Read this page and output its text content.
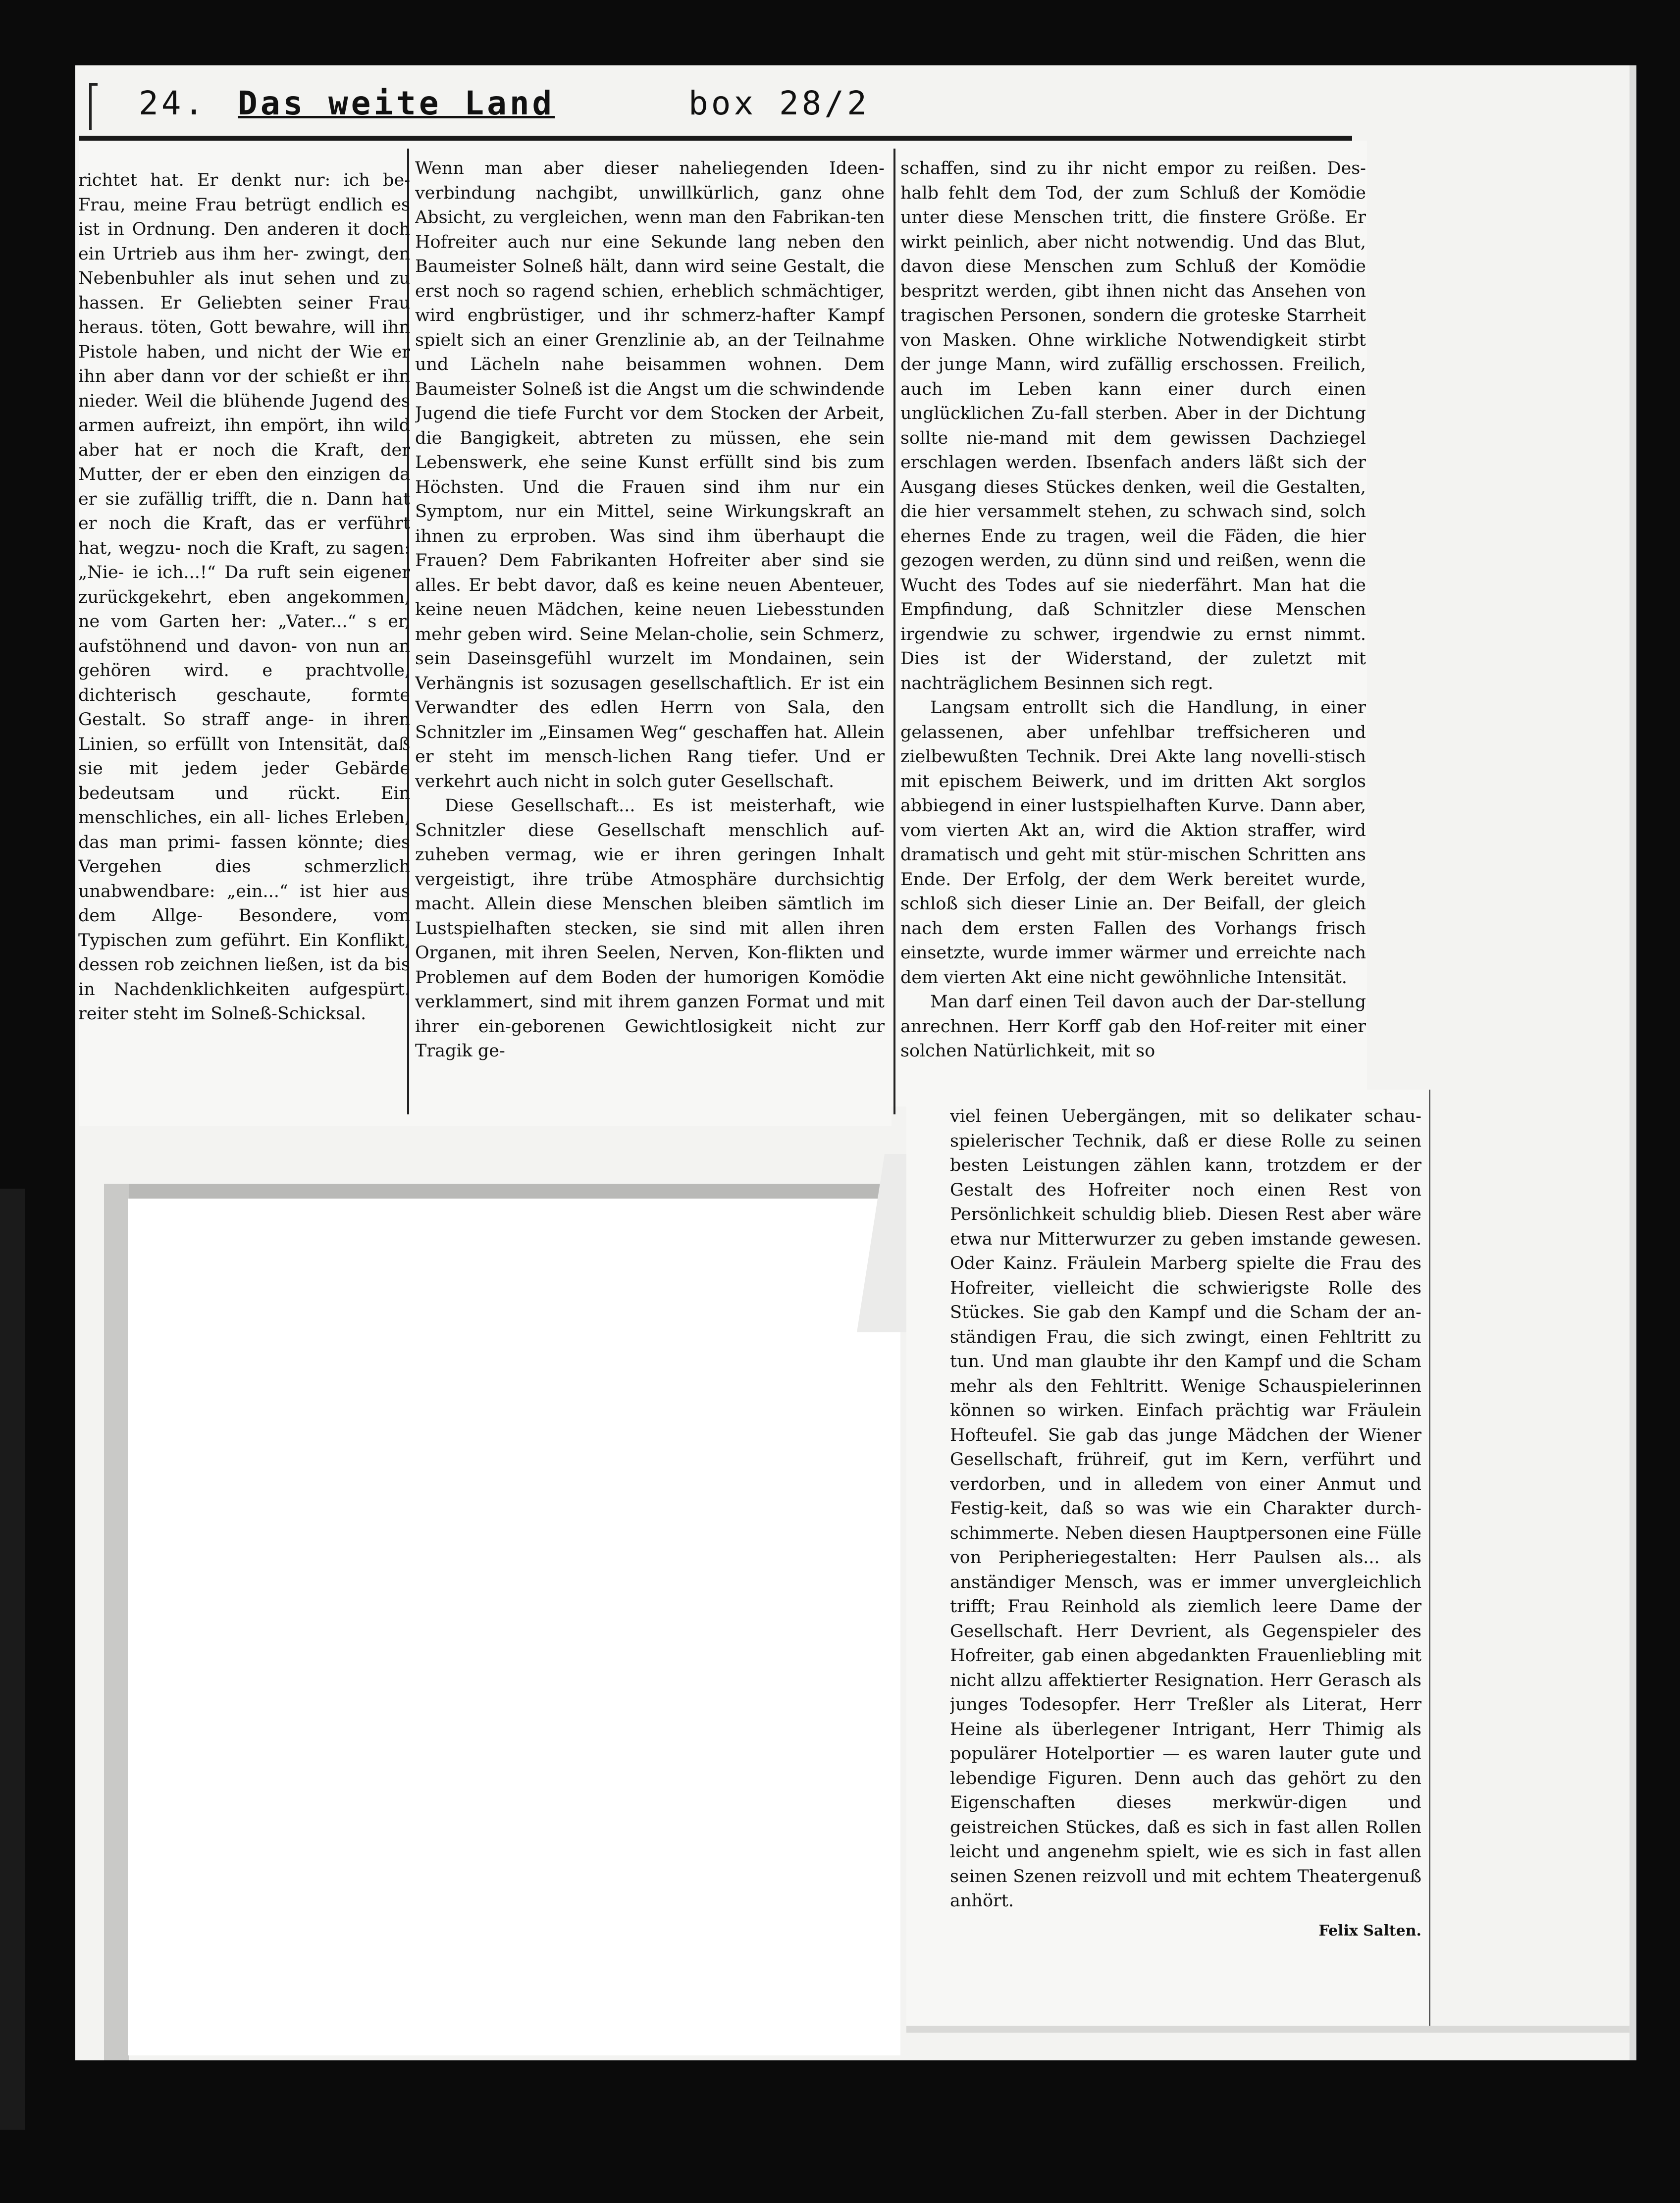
24. Das weite Land	box 28/2

richtet hat. Er denkt nur: ich be- Frau, meine Frau betrügt endlich es ist in Ordnung. Den anderen it doch ein Urtrieb aus ihm her- zwingt, den Nebenbuhler als inut sehen und zu hassen. Er Geliebten seiner Frau heraus. töten, Gott bewahre, will ihn Pistole haben, und nicht der Wie er ihn aber dann vor der schießt er ihn nieder. Weil die blühende Jugend des armen aufreizt, ihn empört, ihn wild aber hat er noch die Kraft, der Mutter, der er eben den einzigen da er sie zufällig trifft, die n. Dann hat er noch die Kraft, das er verführt hat, wegzu- noch die Kraft, zu sagen: „Nie- ie ich...!“ Da ruft sein eigener zurückgekehrt, eben angekommen, ne vom Garten her: „Vater...“ s er, aufstöhnend und davon- von nun an gehören wird. e prachtvolle, dichterisch geschaute, formte Gestalt. So straff ange- in ihren Linien, so erfüllt von Intensität, daß sie mit jedem jeder Gebärde bedeutsam und rückt. Ein menschliches, ein all- liches Erleben, das man primi- fassen könnte; dies Vergehen dies schmerzlich unabwendbare: „ein...“ ist hier aus dem Allge- Besondere, vom Typischen zum geführt. Ein Konflikt, dessen rob zeichnen ließen, ist da bis in Nachdenklichkeiten aufgespürt. reiter steht im Solneß-Schicksal.

Wenn man aber dieser naheliegenden Ideen-verbindung nachgibt, unwillkürlich, ganz ohne Absicht, zu vergleichen, wenn man den Fabrikan-ten Hofreiter auch nur eine Sekunde lang neben den Baumeister Solneß hält, dann wird seine Gestalt, die erst noch so ragend schien, erheblich schmächtiger, wird engbrüstiger, und ihr schmerz-hafter Kampf spielt sich an einer Grenzlinie ab, an der Teilnahme und Lächeln nahe beisammen wohnen. Dem Baumeister Solneß ist die Angst um die schwindende Jugend die tiefe Furcht vor dem Stocken der Arbeit, die Bangigkeit, abtreten zu müssen, ehe sein Lebenswerk, ehe seine Kunst erfüllt sind bis zum Höchsten. Und die Frauen sind ihm nur ein Symptom, nur ein Mittel, seine Wirkungskraft an ihnen zu erproben. Was sind ihm überhaupt die Frauen? Dem Fabrikanten Hofreiter aber sind sie alles. Er bebt davor, daß es keine neuen Abenteuer, keine neuen Mädchen, keine neuen Liebesstunden mehr geben wird. Seine Melan-cholie, sein Schmerz, sein Daseinsgefühl wurzelt im Mondainen, sein Verhängnis ist sozusagen gesellschaftlich. Er ist ein Verwandter des edlen Herrn von Sala, den Schnitzler im „Einsamen Weg“ geschaffen hat. Allein er steht im mensch-lichen Rang tiefer. Und er verkehrt auch nicht in solch guter Gesellschaft.

Diese Gesellschaft... Es ist meisterhaft, wie Schnitzler diese Gesellschaft menschlich auf-zuheben vermag, wie er ihren geringen Inhalt vergeistigt, ihre trübe Atmosphäre durchsichtig macht. Allein diese Menschen bleiben sämtlich im Lustspielhaften stecken, sie sind mit allen ihren Organen, mit ihren Seelen, Nerven, Kon-flikten und Problemen auf dem Boden der humorigen Komödie verklammert, sind mit ihrem ganzen Format und mit ihrer ein-geborenen Gewichtlosigkeit nicht zur Tragik ge-

schaffen, sind zu ihr nicht empor zu reißen. Des-halb fehlt dem Tod, der zum Schluß der Komödie unter diese Menschen tritt, die finstere Größe. Er wirkt peinlich, aber nicht notwendig. Und das Blut, davon diese Menschen zum Schluß der Komödie bespritzt werden, gibt ihnen nicht das Ansehen von tragischen Personen, sondern die groteske Starrheit von Masken. Ohne wirkliche Notwendigkeit stirbt der junge Mann, wird zufällig erschossen. Freilich, auch im Leben kann einer durch einen unglücklichen Zu-fall sterben. Aber in der Dichtung sollte nie-mand mit dem gewissen Dachziegel erschlagen werden. Ibsenfach anders läßt sich der Ausgang dieses Stückes denken, weil die Gestalten, die hier versammelt stehen, zu schwach sind, solch ehernes Ende zu tragen, weil die Fäden, die hier gezogen werden, zu dünn sind und reißen, wenn die Wucht des Todes auf sie niederfährt. Man hat die Empfindung, daß Schnitzler diese Menschen irgendwie zu schwer, irgendwie zu ernst nimmt. Dies ist der Widerstand, der zuletzt mit nachträglichem Besinnen sich regt.

Langsam entrollt sich die Handlung, in einer gelassenen, aber unfehlbar treffsicheren und zielbewußten Technik. Drei Akte lang novelli-stisch mit epischem Beiwerk, und im dritten Akt sorglos abbiegend in einer lustspielhaften Kurve. Dann aber, vom vierten Akt an, wird die Aktion straffer, wird dramatisch und geht mit stür-mischen Schritten ans Ende. Der Erfolg, der dem Werk bereitet wurde, schloß sich dieser Linie an. Der Beifall, der gleich nach dem ersten Fallen des Vorhangs frisch einsetzte, wurde immer wärmer und erreichte nach dem vierten Akt eine nicht gewöhnliche Intensität.

Man darf einen Teil davon auch der Dar-stellung anrechnen. Herr Korff gab den Hof-reiter mit einer solchen Natürlichkeit, mit so

viel feinen Uebergängen, mit so delikater schau-spielerischer Technik, daß er diese Rolle zu seinen besten Leistungen zählen kann, trotzdem er der Gestalt des Hofreiter noch einen Rest von Persönlichkeit schuldig blieb. Diesen Rest aber wäre etwa nur Mitterwurzer zu geben imstande gewesen. Oder Kainz. Fräulein Marberg spielte die Frau des Hofreiter, vielleicht die schwierigste Rolle des Stückes. Sie gab den Kampf und die Scham der an-ständigen Frau, die sich zwingt, einen Fehltritt zu tun. Und man glaubte ihr den Kampf und die Scham mehr als den Fehltritt. Wenige Schauspielerinnen können so wirken. Einfach prächtig war Fräulein Hofteufel. Sie gab das junge Mädchen der Wiener Gesellschaft, frühreif, gut im Kern, verführt und verdorben, und in alledem von einer Anmut und Festig-keit, daß so was wie ein Charakter durch-schimmerte. Neben diesen Hauptpersonen eine Fülle von Peripheriegestalten: Herr Paulsen als... als anständiger Mensch, was er immer unvergleichlich trifft; Frau Reinhold als ziemlich leere Dame der Gesellschaft. Herr Devrient, als Gegenspieler des Hofreiter, gab einen abgedankten Frauenliebling mit nicht allzu affektierter Resignation. Herr Gerasch als junges Todesopfer. Herr Treßler als Literat, Herr Heine als überlegener Intrigant, Herr Thimig als populärer Hotelportier — es waren lauter gute und lebendige Figuren. Denn auch das gehört zu den Eigenschaften dieses merkwür-digen und geistreichen Stückes, daß es sich in fast allen Rollen leicht und angenehm spielt, wie es sich in fast allen seinen Szenen reizvoll und mit echtem Theatergenuß anhört.

Felix Salten.
